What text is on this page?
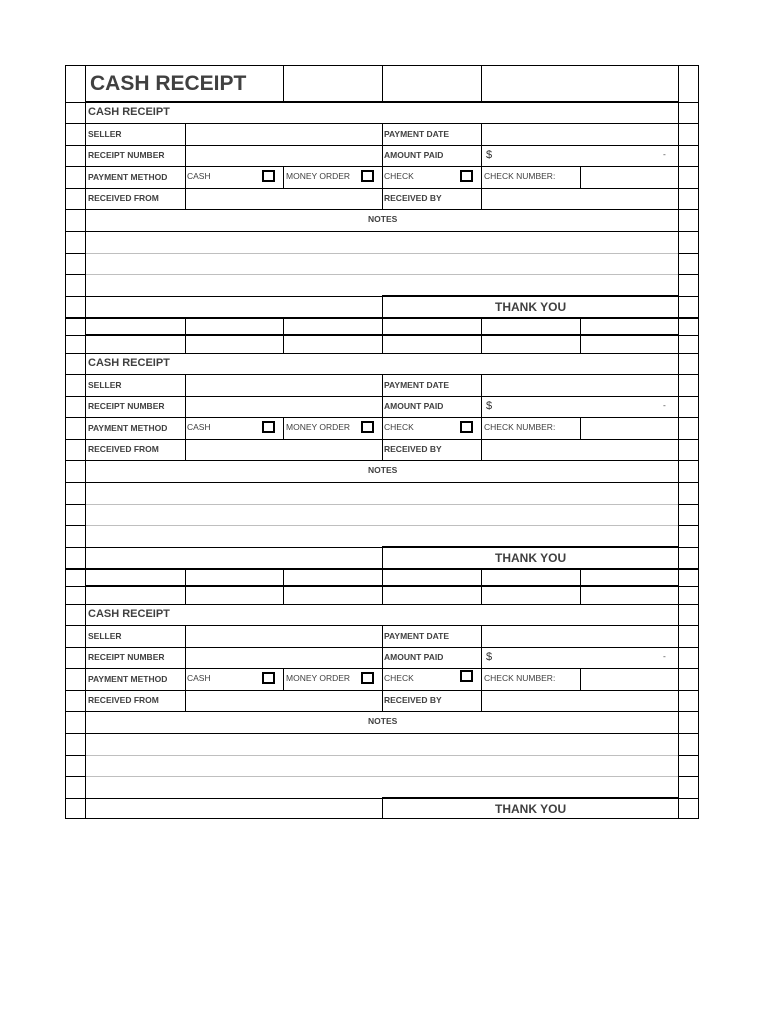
CASH RECEIPT
CASH RECEIPT
SELLER	PAYMENT DATE
RECEIPT NUMBER	AMOUNT PAID	$	-
PAYMENT METHOD CASH	MONEY ORDER	CHECK	CHECK NUMBER:
RECEIVED FROM	RECEIVED BY
NOTES
THANK YOU
CASH RECEIPT
SELLER	PAYMENT DATE
RECEIPT NUMBER	AMOUNT PAID	$	-
PAYMENT METHOD CASH	MONEY ORDER	CHECK	CHECK NUMBER:
RECEIVED FROM	RECEIVED BY
NOTES
THANK YOU
CASH RECEIPT
SELLER	PAYMENT DATE
RECEIPT NUMBER	AMOUNT PAID	$	-
PAYMENT METHOD CASH	MONEY ORDER	CHECK	CHECK NUMBER:
RECEIVED FROM	RECEIVED BY
NOTES
THANK YOU
